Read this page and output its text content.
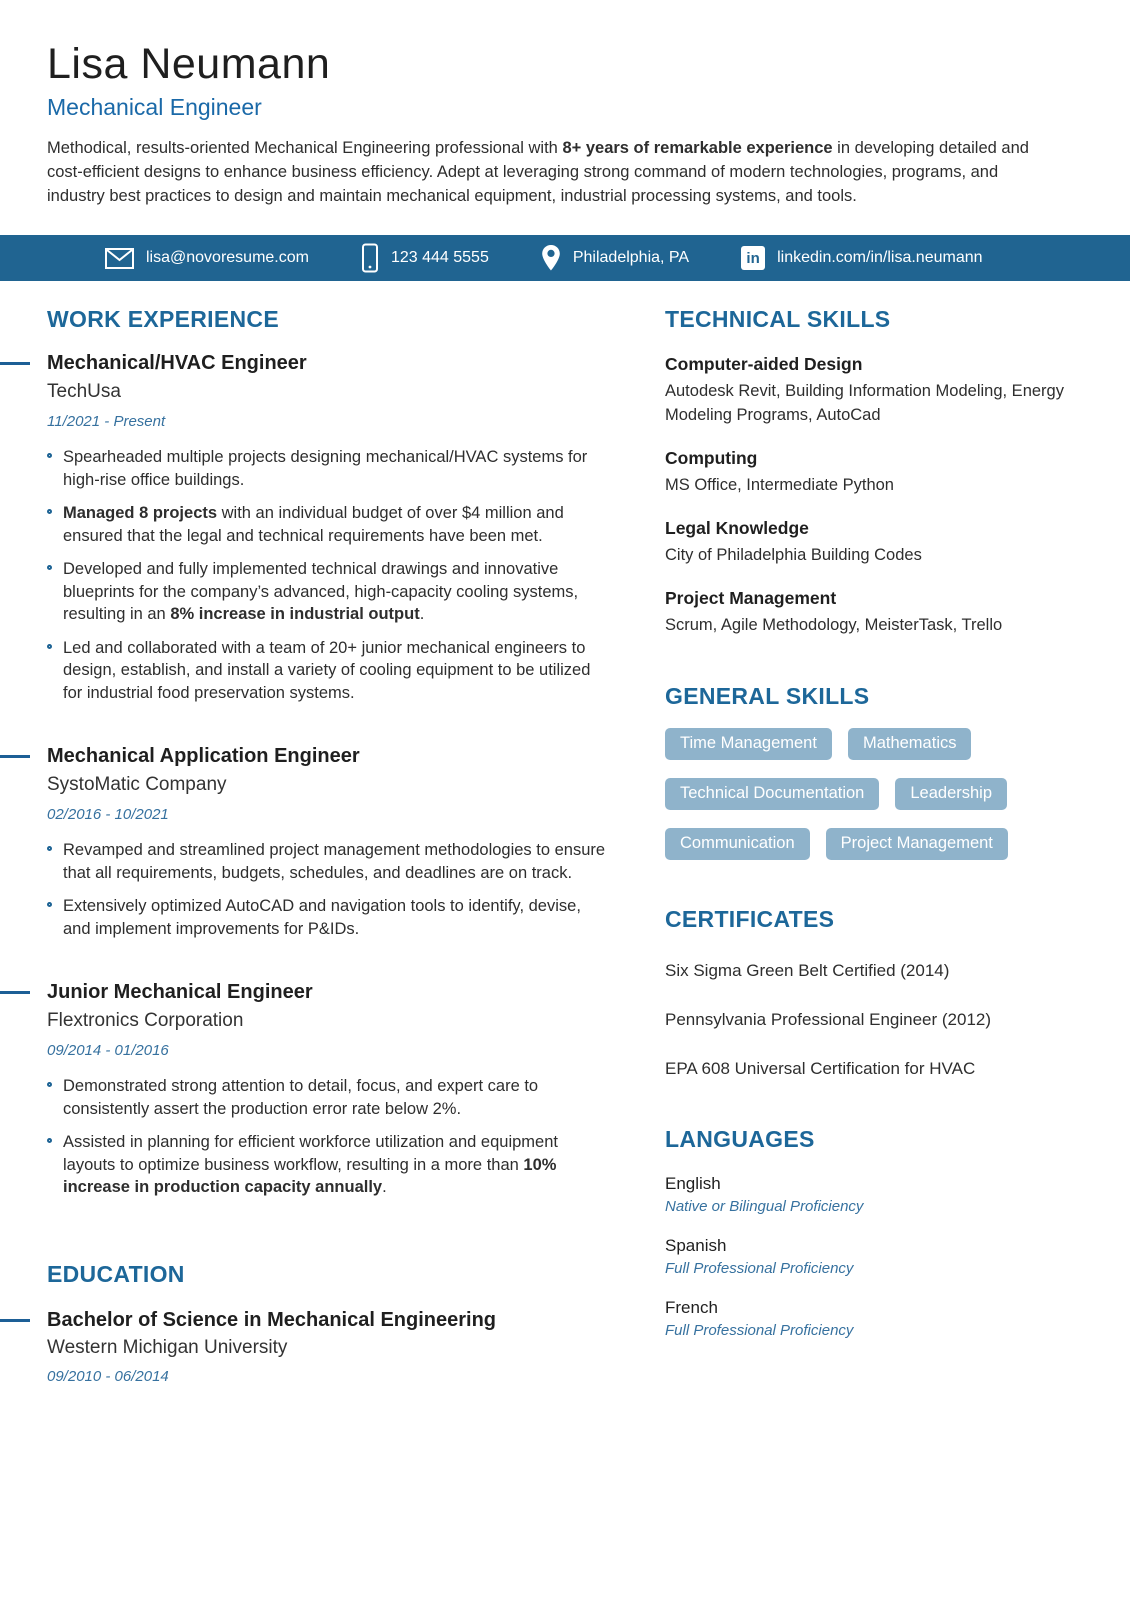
Lisa Neumann
Mechanical Engineer

Methodical, results-oriented Mechanical Engineering professional with 8+ years of remarkable experience in developing detailed and cost-efficient designs to enhance business efficiency. Adept at leveraging strong command of modern technologies, programs, and industry best practices to design and maintain mechanical equipment, industrial processing systems, and tools.

lisa@novoresume.com	123 444 5555	Philadelphia, PA	in	linkedin.com/in/lisa.neumann
WORK EXPERIENCE
Mechanical/HVAC Engineer
TechUsa
11/2021 - Present
Spearheaded multiple projects designing mechanical/HVAC systems for high-rise office buildings.
Managed 8 projects with an individual budget of over $4 million and ensured that the legal and technical requirements have been met.
Developed and fully implemented technical drawings and innovative blueprints for the company’s advanced, high-capacity cooling systems, resulting in an 8% increase in industrial output.
Led and collaborated with a team of 20+ junior mechanical engineers to design, establish, and install a variety of cooling equipment to be utilized for industrial food preservation systems.
Mechanical Application Engineer
SystoMatic Company
02/2016 - 10/2021
Revamped and streamlined project management methodologies to ensure that all requirements, budgets, schedules, and deadlines are on track.
Extensively optimized AutoCAD and navigation tools to identify, devise, and implement improvements for P&IDs.
Junior Mechanical Engineer
Flextronics Corporation
09/2014 - 01/2016
Demonstrated strong attention to detail, focus, and expert care to consistently assert the production error rate below 2%.
Assisted in planning for efficient workforce utilization and equipment layouts to optimize business workflow, resulting in a more than 10% increase in production capacity annually.
EDUCATION
Bachelor of Science in Mechanical Engineering
Western Michigan University
09/2010 - 06/2014
TECHNICAL SKILLS
Computer-aided Design
Autodesk Revit, Building Information Modeling, Energy Modeling Programs, AutoCad
Computing
MS Office, Intermediate Python
Legal Knowledge
City of Philadelphia Building Codes
Project Management
Scrum, Agile Methodology, MeisterTask, Trello
GENERAL SKILLS
Time Management	Mathematics
Technical Documentation	Leadership
Communication	Project Management
CERTIFICATES
Six Sigma Green Belt Certified (2014)
Pennsylvania Professional Engineer (2012)
EPA 608 Universal Certification for HVAC
LANGUAGES
English
Native or Bilingual Proficiency
Spanish
Full Professional Proficiency
French
Full Professional Proficiency
